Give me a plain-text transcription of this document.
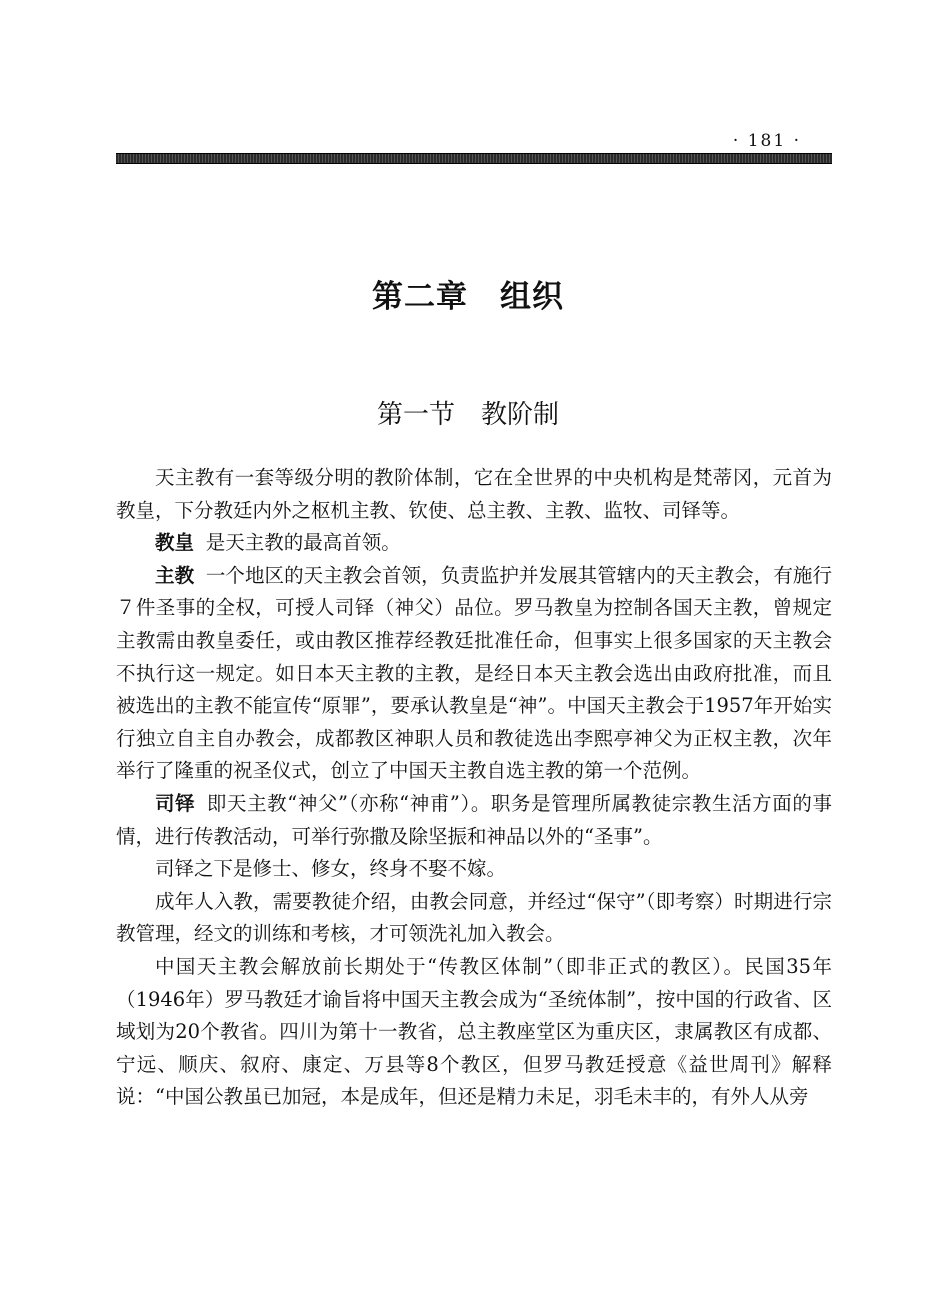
· 181 ·
第二章　组织
第一节　教阶制

天主教有一套等级分明的教阶体制，它在全世界的中央机构是梵蒂冈，元首为教皇，下分教廷内外之枢机主教、钦使、总主教、主教、监牧、司铎等。

教皇 是天主教的最高首领。

主教 一个地区的天主教会首领，负责监护并发展其管辖内的天主教会，有施行７件圣事的全权，可授人司铎（神父）品位。罗马教皇为控制各国天主教，曾规定主教需由教皇委任，或由教区推荐经教廷批准任命，但事实上很多国家的天主教会不执行这一规定。如日本天主教的主教，是经日本天主教会选出由政府批准，而且被选出的主教不能宣传“原罪”，要承认教皇是“神”。中国天主教会于1957年开始实行独立自主自办教会，成都教区神职人员和教徒选出李熙亭神父为正权主教，次年举行了隆重的祝圣仪式，创立了中国天主教自选主教的第一个范例。

司铎 即天主教“神父”（亦称“神甫”）。职务是管理所属教徒宗教生活方面的事情，进行传教活动，可举行弥撒及除坚振和神品以外的“圣事”。

司铎之下是修士、修女，终身不娶不嫁。

成年人入教，需要教徒介绍，由教会同意，并经过“保守”（即考察）时期进行宗教管理，经文的训练和考核，才可领洗礼加入教会。

中国天主教会解放前长期处于“传教区体制”（即非正式的教区）。民国35年（1946年）罗马教廷才谕旨将中国天主教会成为“圣统体制”，按中国的行政省、区域划为20个教省。四川为第十一教省，总主教座堂区为重庆区，隶属教区有成都、宁远、顺庆、叙府、康定、万县等8个教区，但罗马教廷授意《益世周刊》解释说：“中国公教虽已加冠，本是成年，但还是精力未足，羽毛未丰的，有外人从旁
